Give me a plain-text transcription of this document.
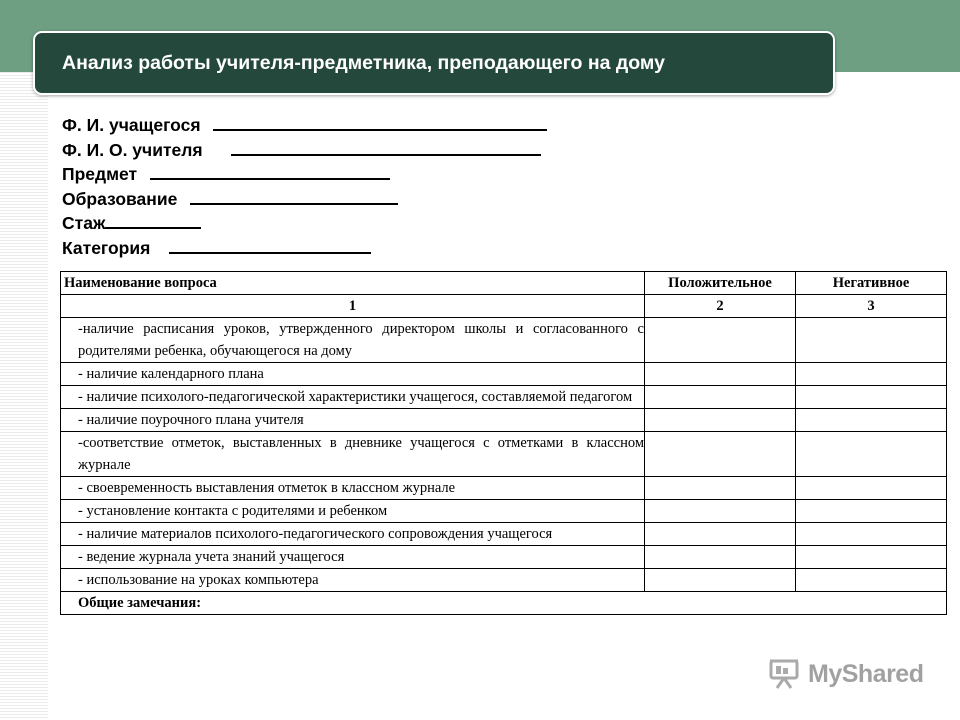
Анализ работы учителя-предметника, преподающего на дому
Ф. И. учащегося
Ф. И. О. учителя
Предмет
Образование
Стаж
Категория
Наименование вопроса	Положительное	Негативное
1	2	3
-наличие расписания уроков, утвержденного директором школы и согласованного с родителями ребенка, обучающегося на дому		
- наличие календарного плана		
- наличие психолого-педагогической характеристики учащегося, составляемой педагогом		
- наличие поурочного плана учителя		
-соответствие отметок, выставленных в дневнике учащегося с отметками в классном журнале		
- своевременность выставления отметок в классном журнале		
- установление контакта с родителями и ребенком		
- наличие материалов психолого-педагогического сопровождения учащегося		
- ведение журнала учета знаний учащегося		
- использование на уроках компьютера		
Общие замечания:		
MyShared
